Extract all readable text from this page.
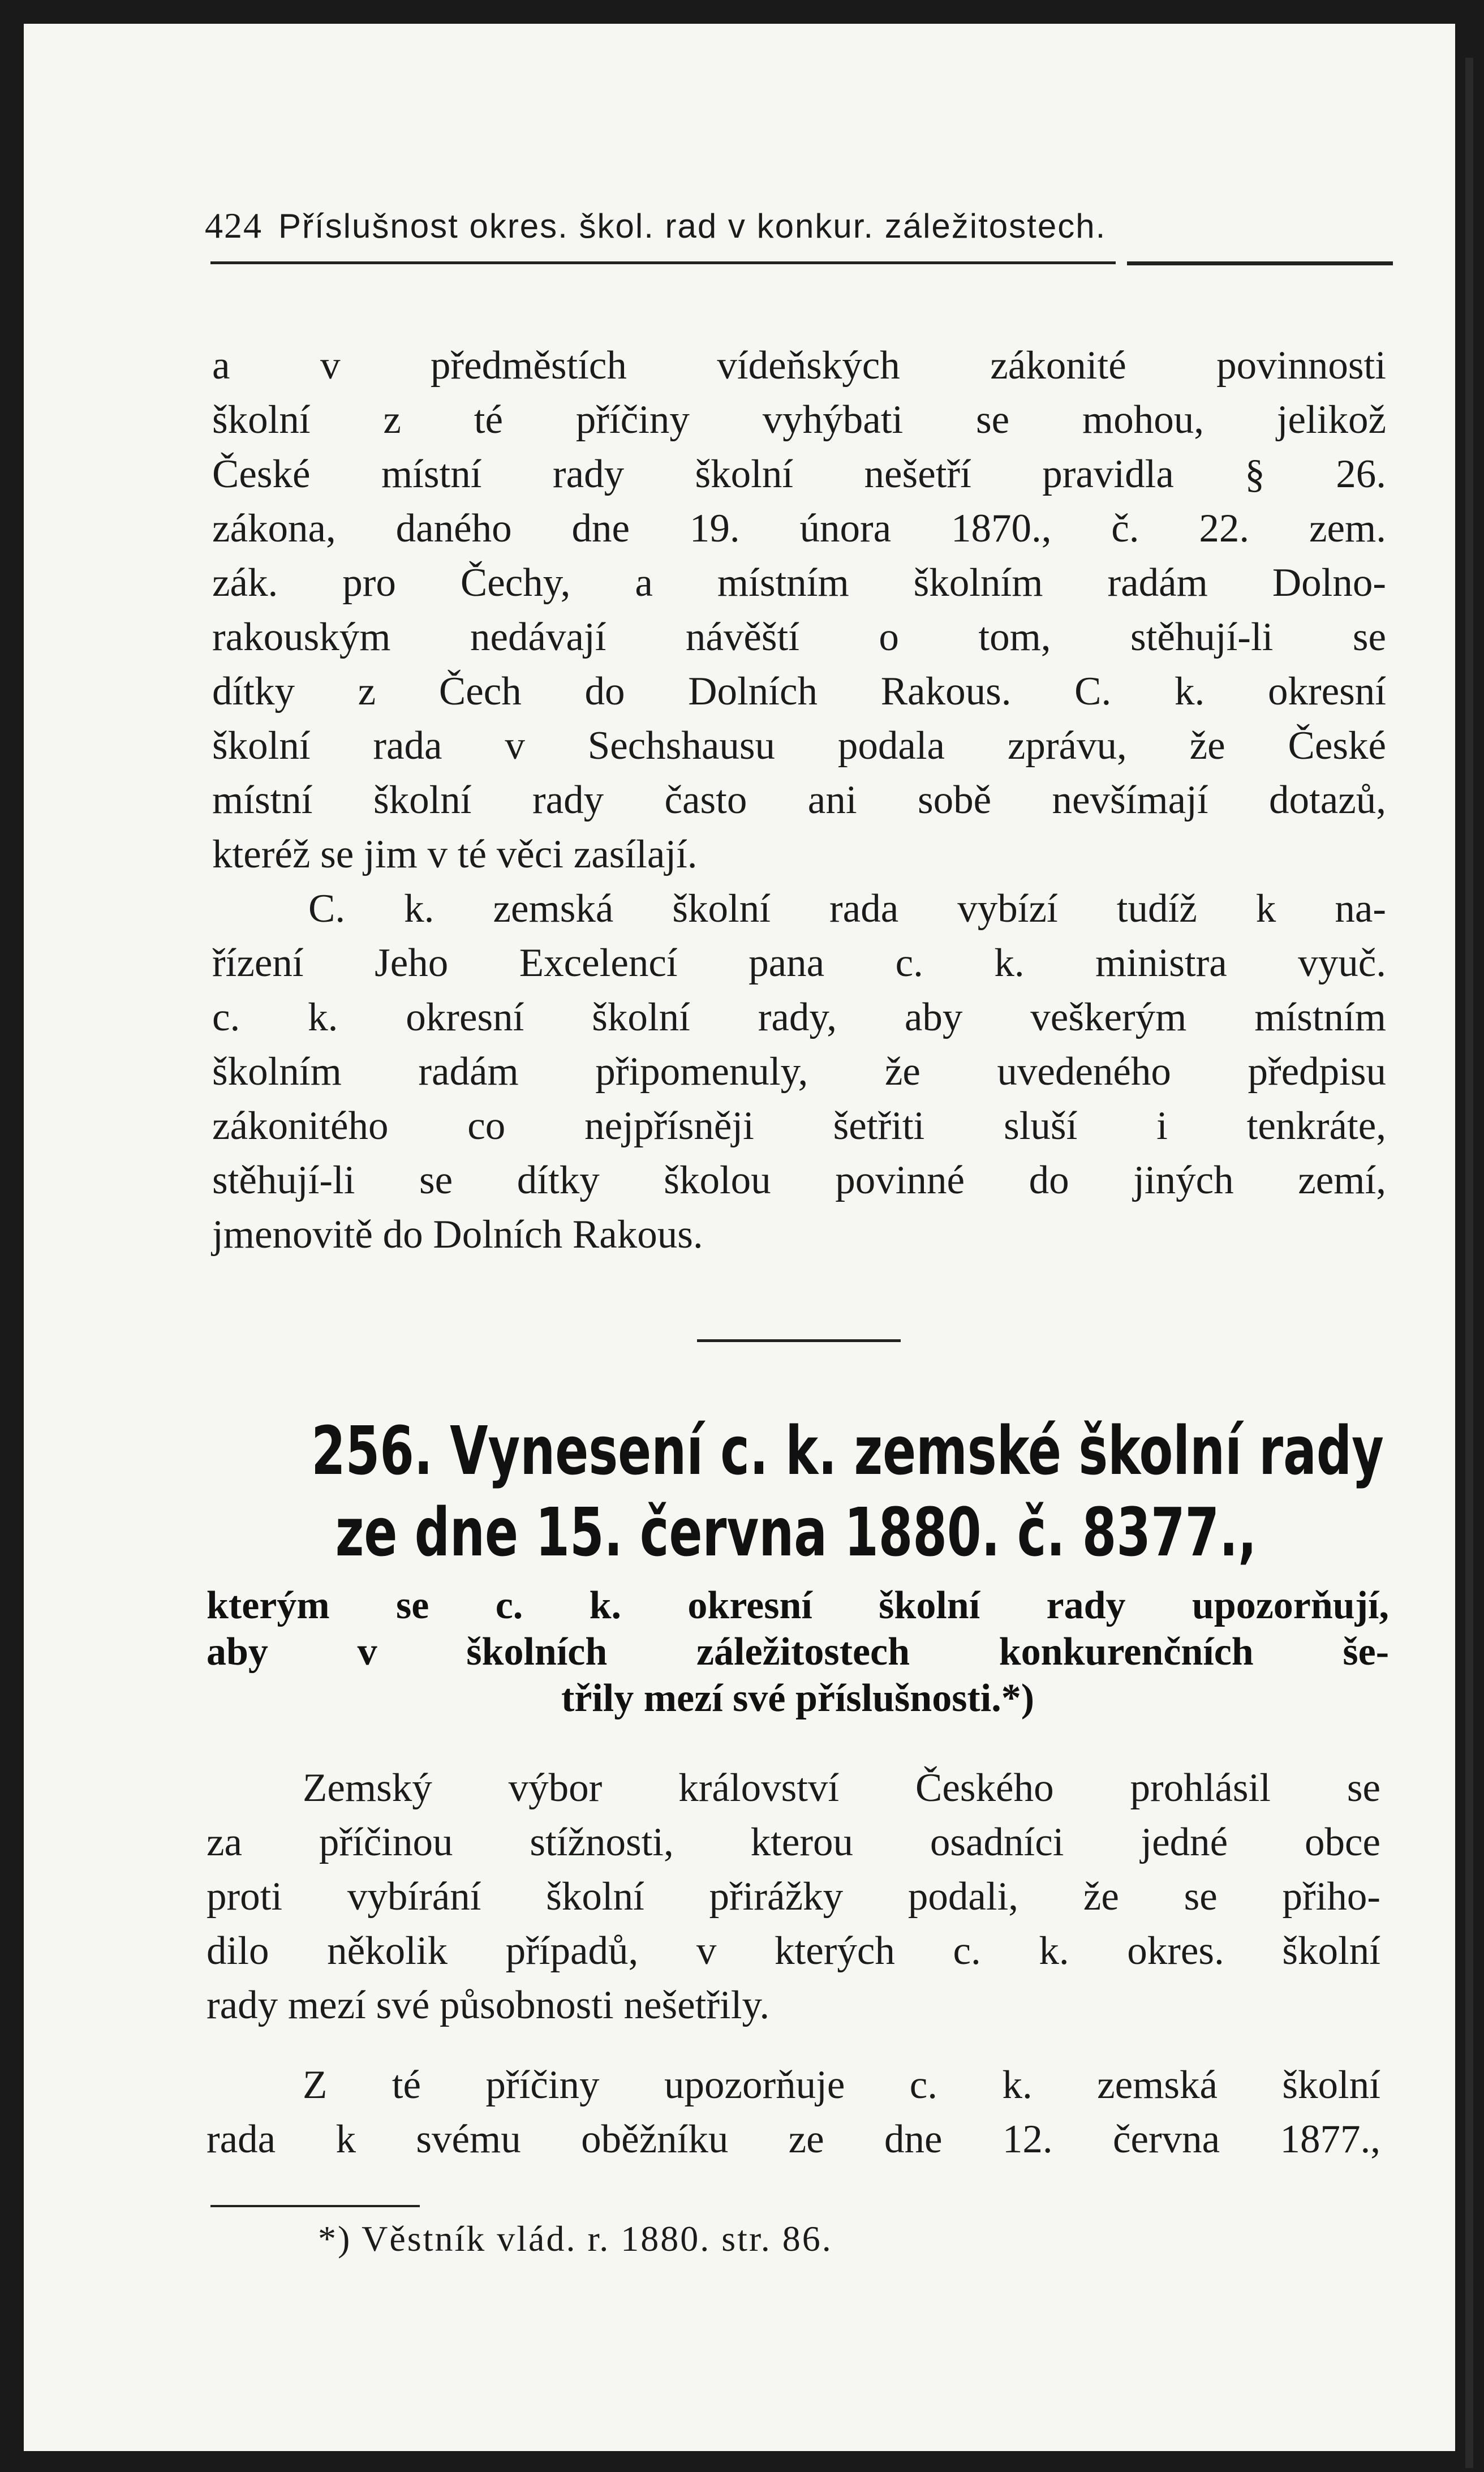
424 Příslušnost okres. škol. rad v konkur. záležitostech.
a v předměstích vídeňských zákonité povinnosti
školní z té příčiny vyhýbati se mohou, jelikož
České místní rady školní nešetří pravidla § 26.
zákona, daného dne 19. února 1870., č. 22. zem.
zák. pro Čechy, a místním školním radám Dolno-
rakouským nedávají návěští o tom, stěhují-li se
dítky z Čech do Dolních Rakous. C. k. okresní
školní rada v Sechshausu podala zprávu, že České
místní školní rady často ani sobě nevšímají dotazů,
kteréž se jim v té věci zasílají.
C. k. zemská školní rada vybízí tudíž k na-
řízení Jeho Excelencí pana c. k. ministra vyuč.
c. k. okresní školní rady, aby veškerým místním
školním radám připomenuly, že uvedeného předpisu
zákonitého co nejpřísněji šetřiti sluší i tenkráte,
stěhují-li se dítky školou povinné do jiných zemí,
jmenovitě do Dolních Rakous.
256. Vynesení c. k. zemské školní rady
ze dne 15. června 1880. č. 8377.,
kterým se c. k. okresní školní rady upozorňují,
aby v školních záležitostech konkurenčních še-
třily mezí své příslušnosti.*)
Zemský výbor království Českého prohlásil se
za příčinou stížnosti, kterou osadníci jedné obce
proti vybírání školní přirážky podali, že se přiho-
dilo několik případů, v kterých c. k. okres. školní
rady mezí své působnosti nešetřily.
Z té příčiny upozorňuje c. k. zemská školní
rada k svému oběžníku ze dne 12. června 1877.,
*) Věstník vlád. r. 1880. str. 86.
